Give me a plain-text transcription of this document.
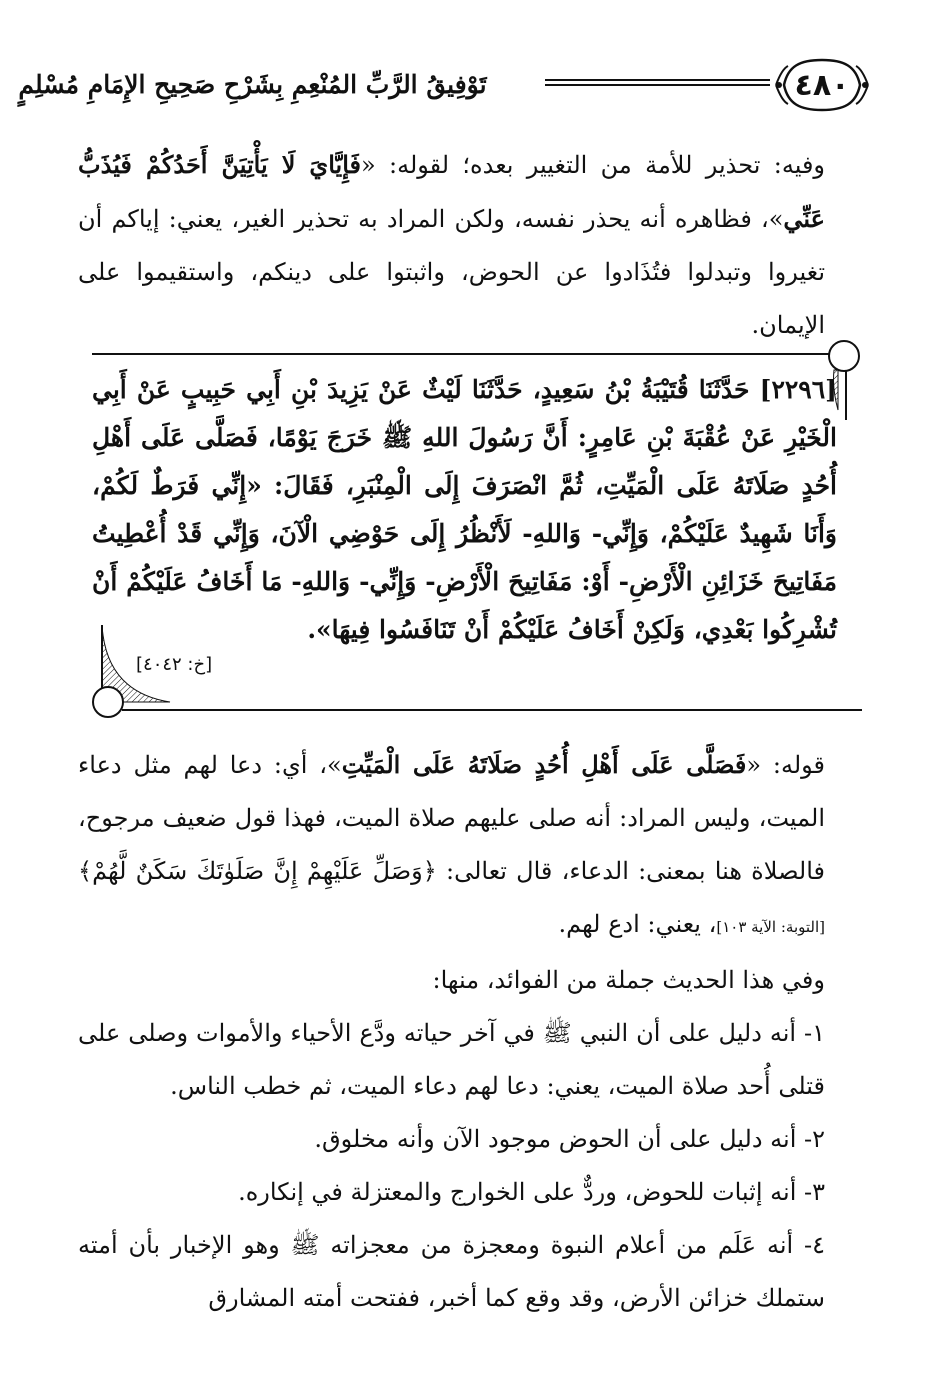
٤٨٠
تَوْفِيقُ الرَّبِّ المُنْعِمِ بِشَرْحِ صَحِيحِ الإِمَامِ مُسْلِمٍ

وفيه: تحذير للأمة من التغيير بعده؛ لقوله: «فَإِيَّايَ لَا يَأْتِيَنَّ أَحَدُكُمْ فَيُذَبُّ عَنِّي»، فظاهره أنه يحذر نفسه، ولكن المراد به تحذير الغير، يعني: إياكم أن تغيروا وتبدلوا فتُذَادوا عن الحوض، واثبتوا على دينكم، واستقيموا على الإيمان.

[٢٢٩٦] حَدَّثَنَا قُتَيْبَةُ بْنُ سَعِيدٍ، حَدَّثَنَا لَيْثٌ عَنْ يَزِيدَ بْنِ أَبِي حَبِيبٍ عَنْ أَبِي الْخَيْرِ عَنْ عُقْبَةَ بْنِ عَامِرٍ: أَنَّ رَسُولَ اللهِ ﷺ خَرَجَ يَوْمًا، فَصَلَّى عَلَى أَهْلِ أُحُدٍ صَلَاتَهُ عَلَى الْمَيِّتِ، ثُمَّ انْصَرَفَ إِلَى الْمِنْبَرِ، فَقَالَ: «إِنِّي فَرَطٌ لَكُمْ، وَأَنَا شَهِيدٌ عَلَيْكُمْ، وَإِنِّي- وَاللهِ- لَأَنْظُرُ إِلَى حَوْضِي الْآنَ، وَإِنِّي قَدْ أُعْطِيتُ مَفَاتِيحَ خَزَائِنِ الْأَرْضِ- أَوْ: مَفَاتِيحَ الْأَرْضِ- وَإِنِّي- وَاللهِ- مَا أَخَافُ عَلَيْكُمْ أَنْ تُشْرِكُوا بَعْدِي، وَلَكِنْ أَخَافُ عَلَيْكُمْ أَنْ تَنَافَسُوا فِيهَا».
[خ: ٤٠٤٢]

قوله: «فَصَلَّى عَلَى أَهْلِ أُحُدٍ صَلَاتَهُ عَلَى الْمَيِّتِ»، أي: دعا لهم مثل دعاء الميت، وليس المراد: أنه صلى عليهم صلاة الميت، فهذا قول ضعيف مرجوح، فالصلاة هنا بمعنى: الدعاء، قال تعالى: ﴿وَصَلِّ عَلَيْهِمْ إِنَّ صَلَوٰتَكَ سَكَنٌ لَّهُمْ﴾ [التوبة: الآية ١٠٣]، يعني: ادع لهم.

وفي هذا الحديث جملة من الفوائد، منها:

١- أنه دليل على أن النبي ﷺ في آخر حياته ودَّع الأحياء والأموات وصلى على قتلى أُحد صلاة الميت، يعني: دعا لهم دعاء الميت، ثم خطب الناس.

٢- أنه دليل على أن الحوض موجود الآن وأنه مخلوق.

٣- أنه إثبات للحوض، وردٌّ على الخوارج والمعتزلة في إنكاره.

٤- أنه عَلَم من أعلام النبوة ومعجزة من معجزاته ﷺ وهو الإخبار بأن أمته ستملك خزائن الأرض، وقد وقع كما أخبر، ففتحت أمته المشارق
